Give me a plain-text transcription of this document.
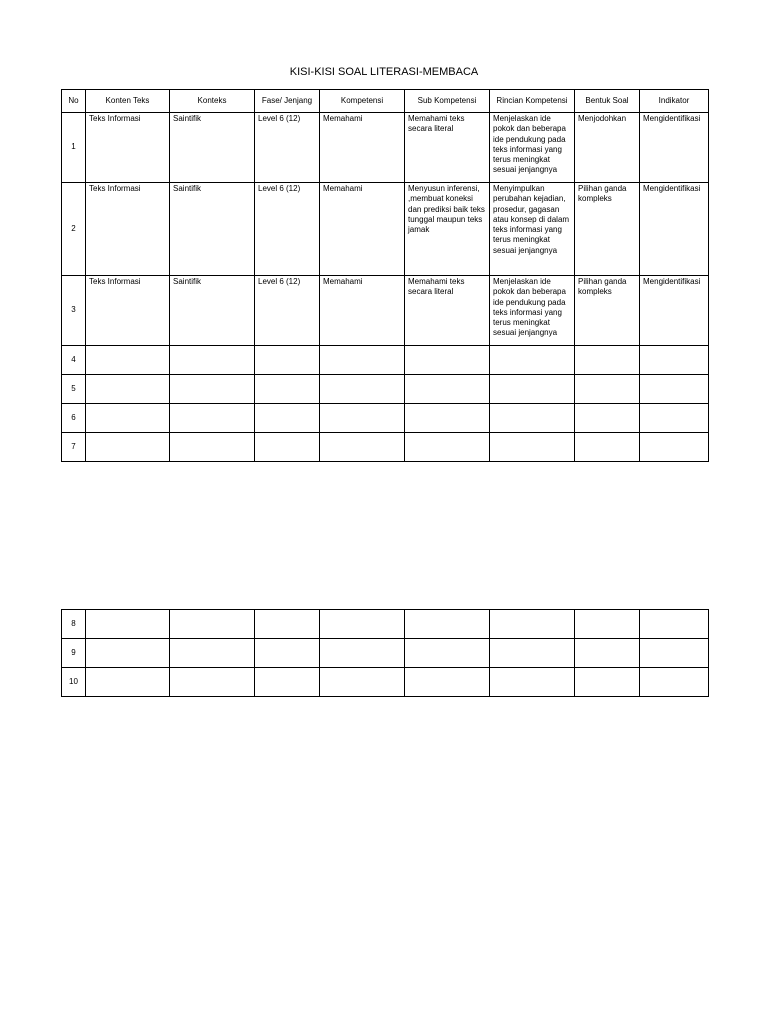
KISI-KISI SOAL LITERASI-MEMBACA
No	Konten Teks	Konteks	Fase/ Jenjang	Kompetensi	Sub Kompetensi	Rincian Kompetensi	Bentuk Soal	Indikator
1	Teks Informasi	Saintifik	Level 6 (12)	Memahami	Memahami teks secara literal	Menjelaskan ide pokok dan beberapa ide pendukung pada teks informasi yang terus meningkat sesuai jenjangnya	Menjodohkan	Mengidentifikasi
2	Teks Informasi	Saintifik	Level 6 (12)	Memahami	Menyusun inferensi, ,membuat koneksi dan prediksi baik teks tunggal maupun teks jamak	Menyimpulkan perubahan kejadian, prosedur, gagasan atau konsep di dalam teks informasi yang terus meningkat sesuai jenjangnya	Pilihan ganda kompleks	Mengidentifikasi
3	Teks Informasi	Saintifik	Level 6 (12)	Memahami	Memahami teks secara literal	Menjelaskan ide pokok dan beberapa ide pendukung pada teks informasi yang terus meningkat sesuai jenjangnya	Pilihan ganda kompleks	Mengidentifikasi
4								
5								
6								
7								
8								
9								
10								
